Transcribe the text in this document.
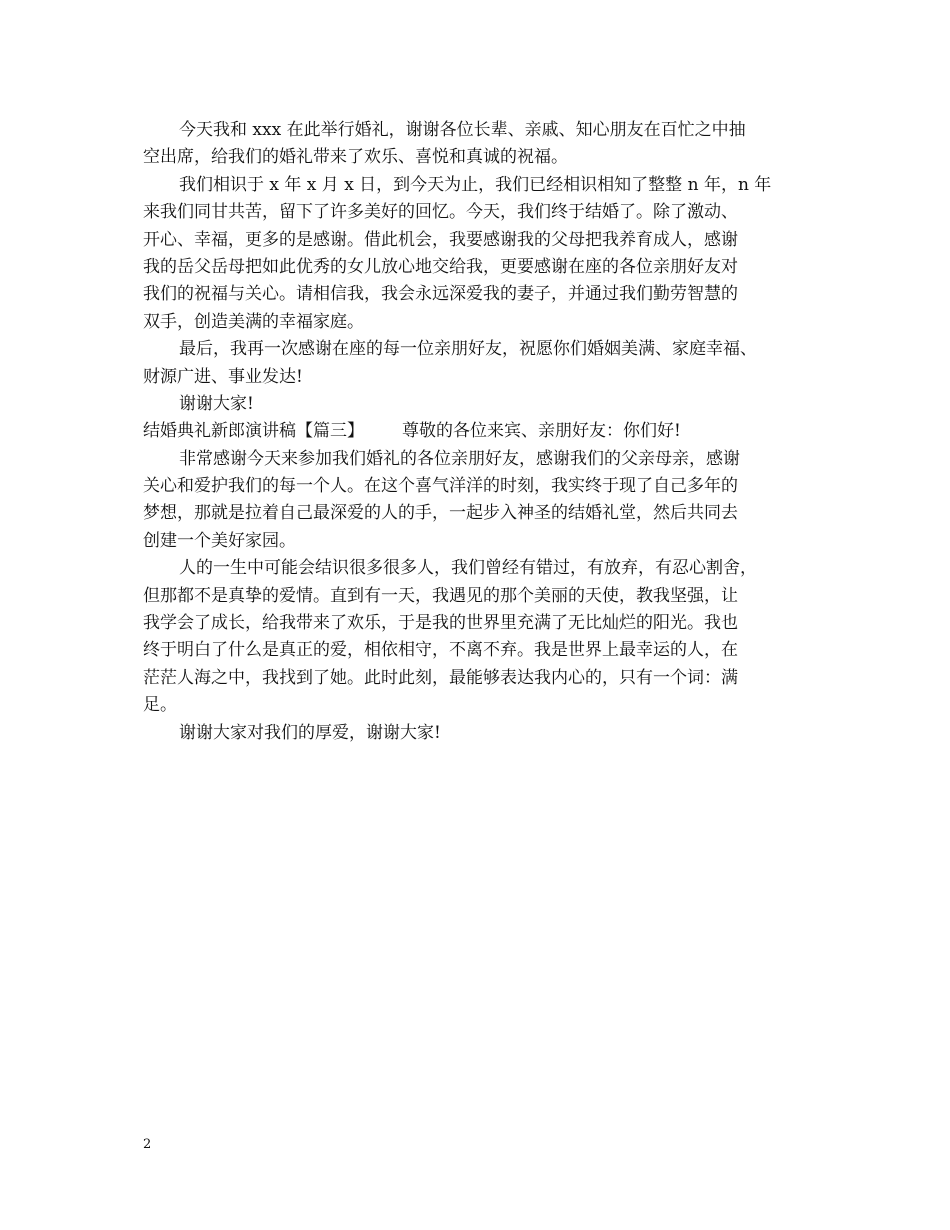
今天我和 xxx 在此举行婚礼，谢谢各位长辈、亲戚、知心朋友在百忙之中抽
空出席，给我们的婚礼带来了欢乐、喜悦和真诚的祝福。
我们相识于 x 年 x 月 x 日，到今天为止，我们已经相识相知了整整 n 年，n 年
来我们同甘共苦，留下了许多美好的回忆。今天，我们终于结婚了。除了激动、
开心、幸福，更多的是感谢。借此机会，我要感谢我的父母把我养育成人，感谢
我的岳父岳母把如此优秀的女儿放心地交给我，更要感谢在座的各位亲朋好友对
我们的祝福与关心。请相信我，我会永远深爱我的妻子，并通过我们勤劳智慧的
双手，创造美满的幸福家庭。
最后，我再一次感谢在座的每一位亲朋好友，祝愿你们婚姻美满、家庭幸福、
财源广进、事业发达!
谢谢大家!
结婚典礼新郎演讲稿【篇三】 尊敬的各位来宾、亲朋好友：你们好!
非常感谢今天来参加我们婚礼的各位亲朋好友，感谢我们的父亲母亲，感谢
关心和爱护我们的每一个人。在这个喜气洋洋的时刻，我实终于现了自己多年的
梦想，那就是拉着自己最深爱的人的手，一起步入神圣的结婚礼堂，然后共同去
创建一个美好家园。
人的一生中可能会结识很多很多人，我们曾经有错过，有放弃，有忍心割舍，
但那都不是真挚的爱情。直到有一天，我遇见的那个美丽的天使，教我坚强，让
我学会了成长，给我带来了欢乐，于是我的世界里充满了无比灿烂的阳光。我也
终于明白了什么是真正的爱，相依相守，不离不弃。我是世界上最幸运的人，在
茫茫人海之中，我找到了她。此时此刻，最能够表达我内心的，只有一个词：满
足。
谢谢大家对我们的厚爱，谢谢大家!
2
